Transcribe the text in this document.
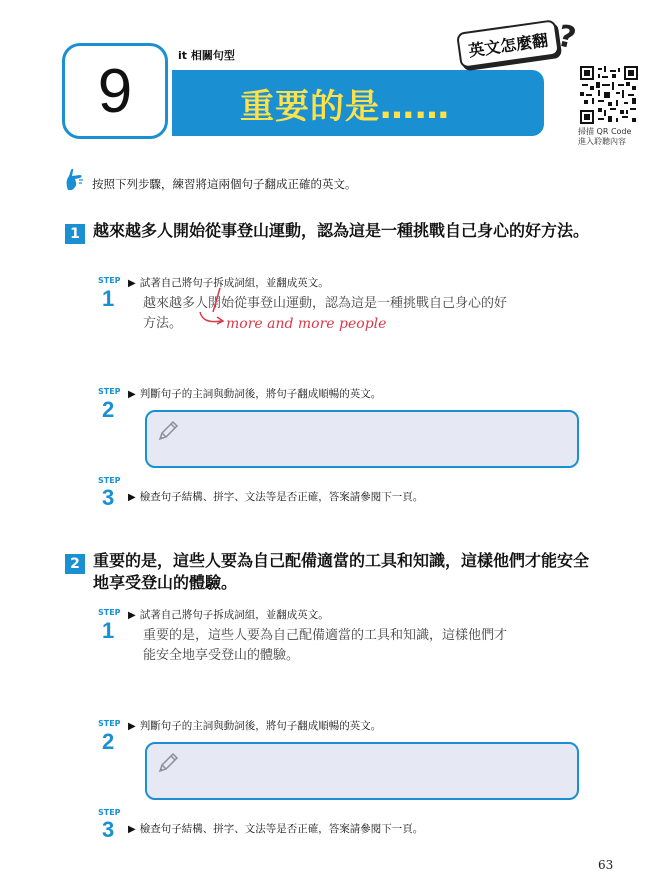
9
it 相關句型
重要的是……
英文怎麼翻 ?
掃描 QR Code
進入聆聽內容
按照下列步驟，練習將這兩個句子翻成正確的英文。
1 越來越多人開始從事登山運動，認為這是一種挑戰自己身心的好方法。
STEP
1
▶ 試著自己將句子拆成詞組，並翻成英文。
越來越多人開始從事登山運動，認為這是一種挑戰自己身心的好
方法。	more and more people
STEP
2
▶ 判斷句子的主詞與動詞後，將句子翻成順暢的英文。
STEP
3 ▶ 檢查句子結構、拼字、文法等是否正確，答案請參閱下一頁。
2 重要的是，這些人要為自己配備適當的工具和知識，這樣他們才能安全地享受登山的體驗。
STEP
1
▶ 試著自己將句子拆成詞組，並翻成英文。
重要的是，這些人要為自己配備適當的工具和知識，這樣他們才
能安全地享受登山的體驗。
STEP
2
▶ 判斷句子的主詞與動詞後，將句子翻成順暢的英文。
STEP
3 ▶ 檢查句子結構、拼字、文法等是否正確，答案請參閱下一頁。
63
